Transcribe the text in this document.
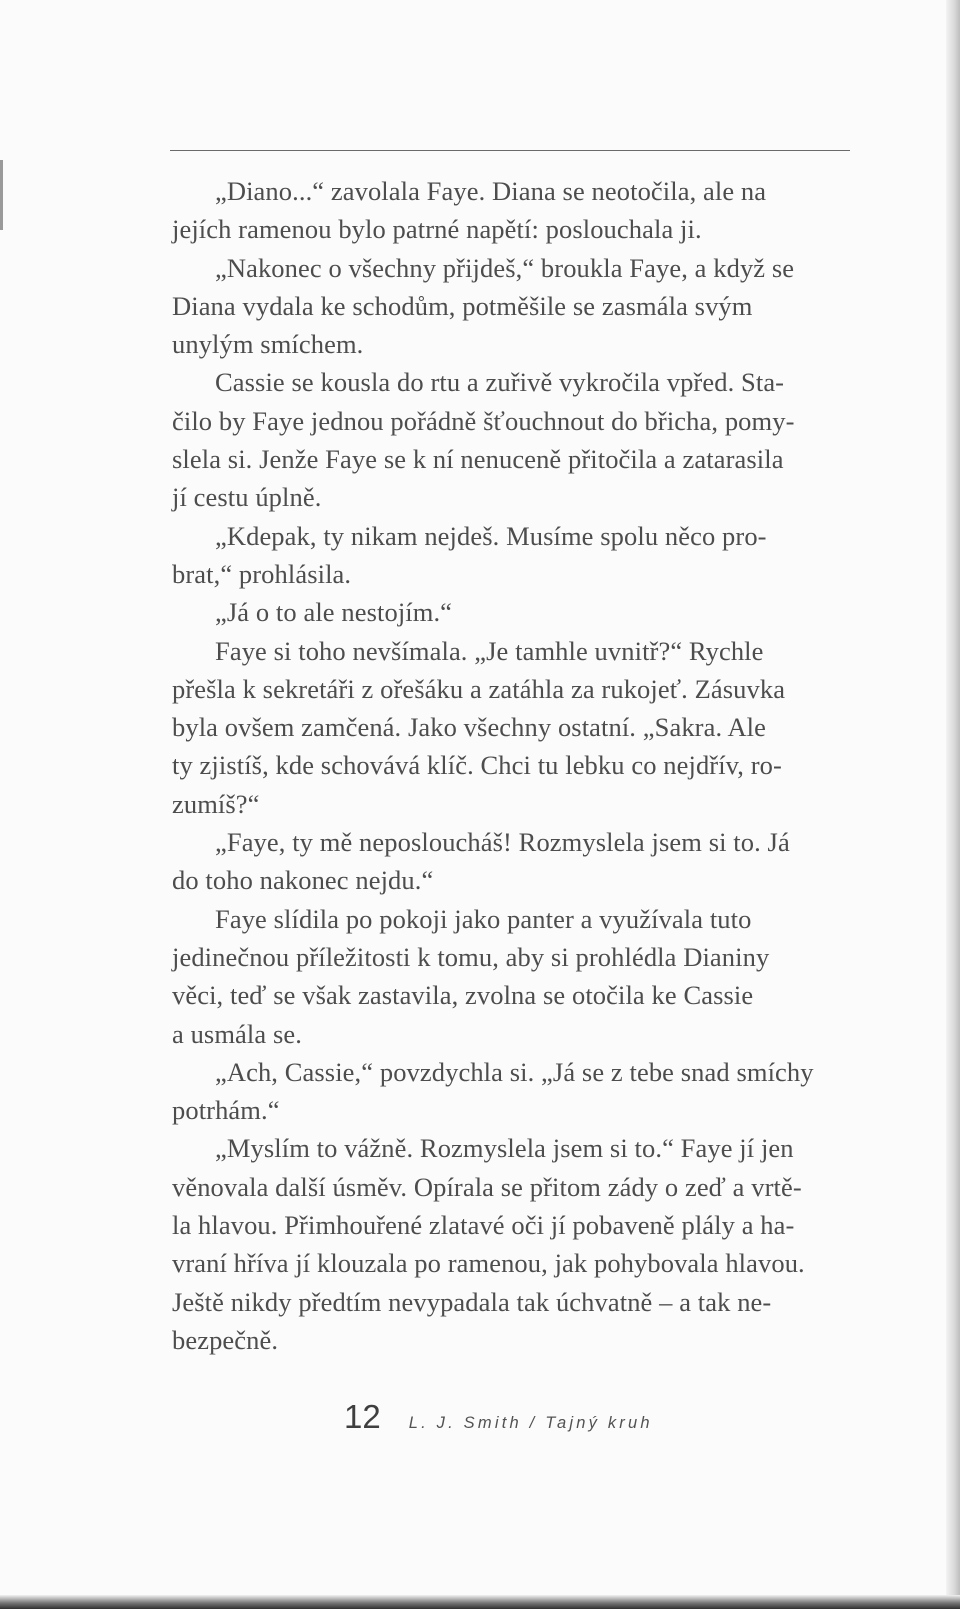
„Diano...“ zavolala Faye. Diana se neotočila, ale na
jejích ramenou bylo patrné napětí: poslouchala ji.

„Nakonec o všechny přijdeš,“ broukla Faye, a když se
Diana vydala ke schodům, potměšile se zasmála svým
unylým smíchem.

Cassie se kousla do rtu a zuřivě vykročila vpřed. Sta-
čilo by Faye jednou pořádně šťouchnout do břicha, pomy-
slela si. Jenže Faye se k ní nenuceně přitočila a zatarasila
jí cestu úplně.

„Kdepak, ty nikam nejdeš. Musíme spolu něco pro-
brat,“ prohlásila.

„Já o to ale nestojím.“

Faye si toho nevšímala. „Je tamhle uvnitř?“ Rychle
přešla k sekretáři z ořešáku a zatáhla za rukojeť. Zásuvka
byla ovšem zamčená. Jako všechny ostatní. „Sakra. Ale
ty zjistíš, kde schovává klíč. Chci tu lebku co nejdřív, ro-
zumíš?“

„Faye, ty mě neposloucháš! Rozmyslela jsem si to. Já
do toho nakonec nejdu.“

Faye slídila po pokoji jako panter a využívala tuto
jedinečnou příležitosti k tomu, aby si prohlédla Dianiny
věci, teď se však zastavila, zvolna se otočila ke Cassie
a usmála se.

„Ach, Cassie,“ povzdychla si. „Já se z tebe snad smíchy
potrhám.“

„Myslím to vážně. Rozmyslela jsem si to.“ Faye jí jen
věnovala další úsměv. Opírala se přitom zády o zeď a vrtě-
la hlavou. Přimhouřené zlatavé oči jí pobaveně plály a ha-
vraní hříva jí klouzala po ramenou, jak pohybovala hlavou.
Ještě nikdy předtím nevypadala tak úchvatně – a tak ne-
bezpečně.

12 L. J. Smith / Tajný kruh
